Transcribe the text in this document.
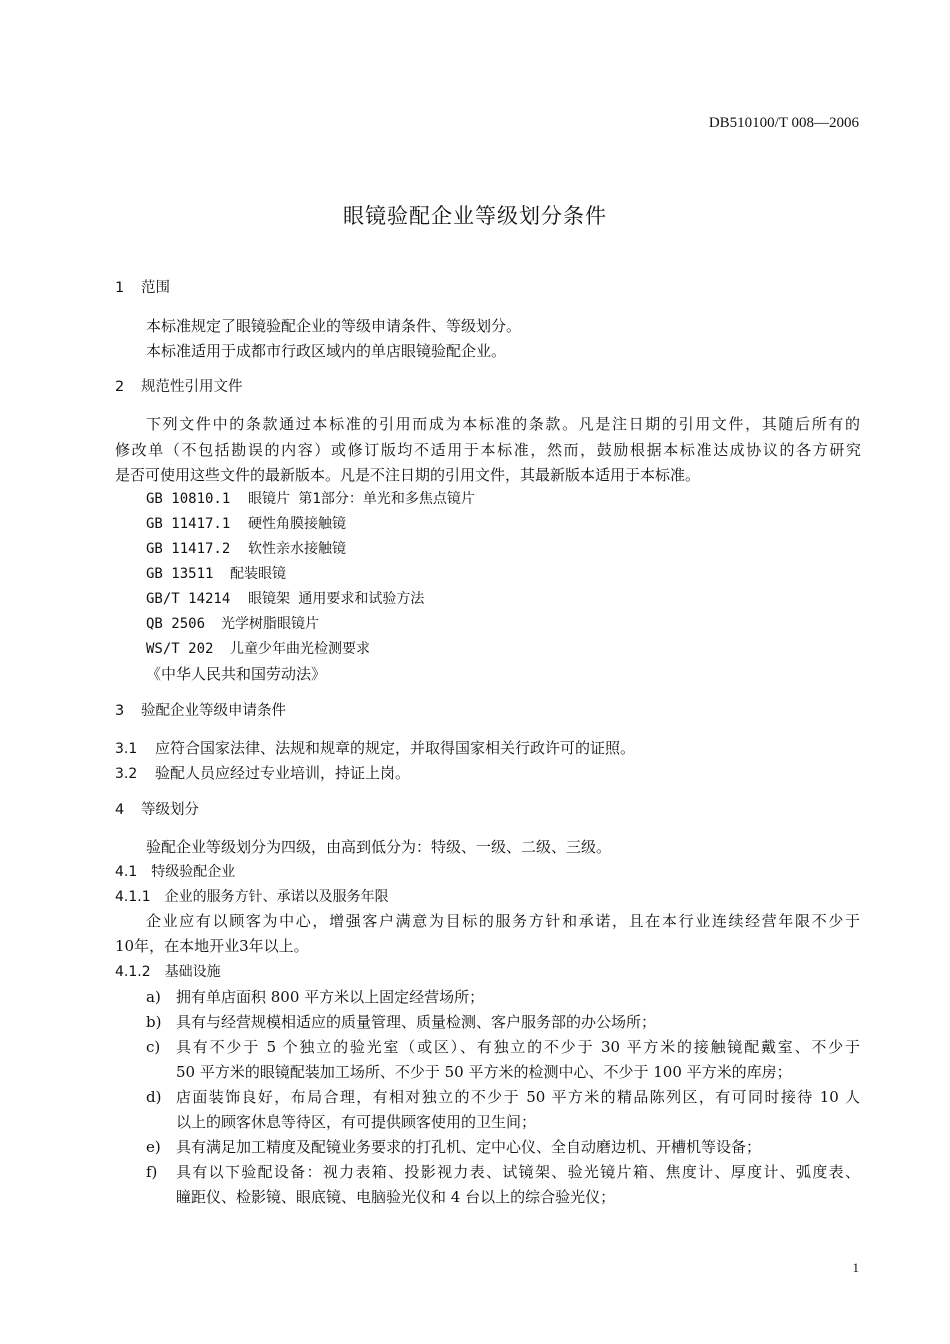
DB510100/T 008—2006
眼镜验配企业等级划分条件
1 范围
本标准规定了眼镜验配企业的等级申请条件、等级划分。
本标准适用于成都市行政区域内的单店眼镜验配企业。
2 规范性引用文件
下列文件中的条款通过本标准的引用而成为本标准的条款。凡是注日期的引用文件，其随后所有的
修改单（不包括勘误的内容）或修订版均不适用于本标准，然而，鼓励根据本标准达成协议的各方研究
是否可使用这些文件的最新版本。凡是不注日期的引用文件，其最新版本适用于本标准。
GB 10810.1 眼镜片 第1部分：单光和多焦点镜片
GB 11417.1 硬性角膜接触镜
GB 11417.2 软性亲水接触镜
GB 13511 配装眼镜
GB/T 14214 眼镜架 通用要求和试验方法
QB 2506 光学树脂眼镜片
WS/T 202 儿童少年曲光检测要求
《中华人民共和国劳动法》
3 验配企业等级申请条件
3.1 应符合国家法律、法规和规章的规定，并取得国家相关行政许可的证照。
3.2 验配人员应经过专业培训，持证上岗。
4 等级划分
验配企业等级划分为四级，由高到低分为：特级、一级、二级、三级。
4.1 特级验配企业
4.1.1 企业的服务方针、承诺以及服务年限
企业应有以顾客为中心，增强客户满意为目标的服务方针和承诺，且在本行业连续经营年限不少于
10年，在本地开业3年以上。
4.1.2 基础设施
a) 拥有单店面积 800 平方米以上固定经营场所；
b) 具有与经营规模相适应的质量管理、质量检测、客户服务部的办公场所；
c) 具有不少于 5 个独立的验光室（或区）、有独立的不少于 30 平方米的接触镜配戴室、不少于
50 平方米的眼镜配装加工场所、不少于 50 平方米的检测中心、不少于 100 平方米的库房；
d) 店面装饰良好，布局合理，有相对独立的不少于 50 平方米的精品陈列区，有可同时接待 10 人
以上的顾客休息等待区，有可提供顾客使用的卫生间；
e) 具有满足加工精度及配镜业务要求的打孔机、定中心仪、全自动磨边机、开槽机等设备；
f) 具有以下验配设备：视力表箱、投影视力表、试镜架、验光镜片箱、焦度计、厚度计、弧度表、
瞳距仪、检影镜、眼底镜、电脑验光仪和 4 台以上的综合验光仪；
1
